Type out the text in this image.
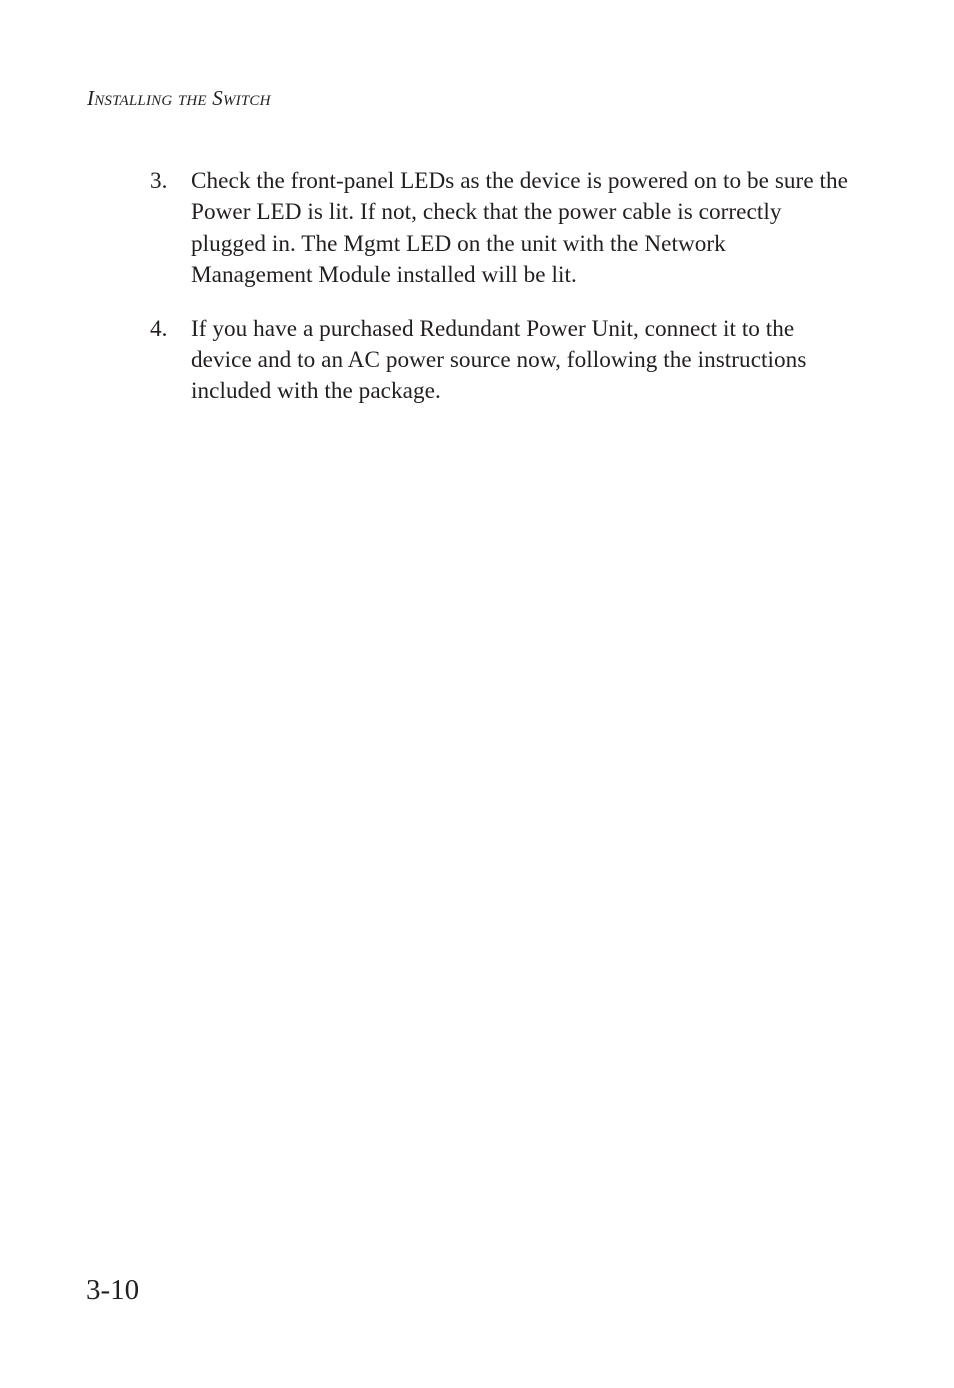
Installing the Switch
3. Check the front-panel LEDs as the device is powered on to be sure the Power LED is lit. If not, check that the power cable is correctly plugged in. The Mgmt LED on the unit with the Network Management Module installed will be lit.
4. If you have a purchased Redundant Power Unit, connect it to the device and to an AC power source now, following the instructions included with the package.
3-10
